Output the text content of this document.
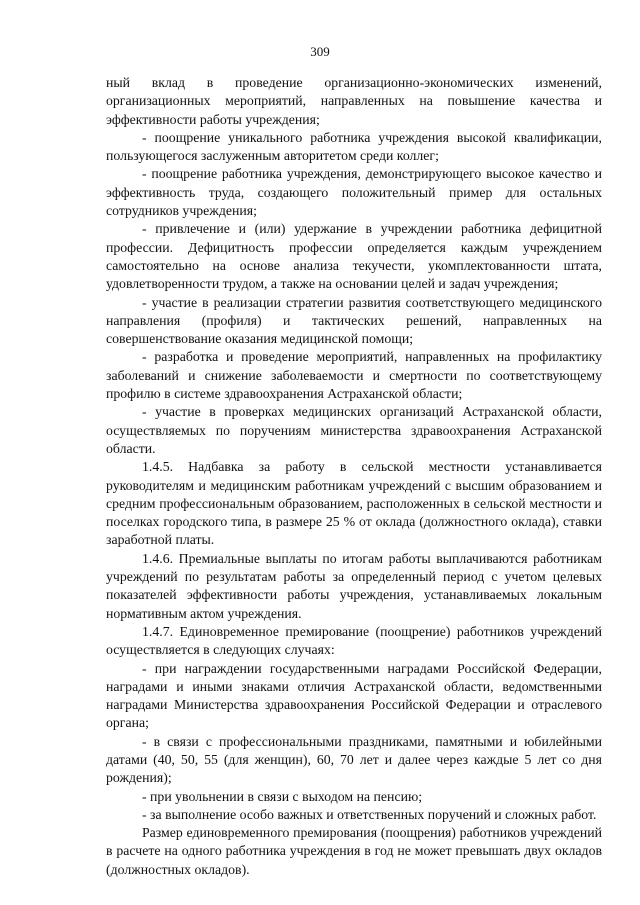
309

ный вклад в проведение организационно-экономических изменений, организационных мероприятий, направленных на повышение качества и эффективности работы учреждения;

- поощрение уникального работника учреждения высокой квалификации, пользующегося заслуженным авторитетом среди коллег;

- поощрение работника учреждения, демонстрирующего высокое качество и эффективность труда, создающего положительный пример для остальных сотрудников учреждения;

- привлечение и (или) удержание в учреждении работника дефицитной профессии. Дефицитность профессии определяется каждым учреждением самостоятельно на основе анализа текучести, укомплектованности штата, удовлетворенности трудом, а также на основании целей и задач учреждения;

- участие в реализации стратегии развития соответствующего медицинского направления (профиля) и тактических решений, направленных на совершенствование оказания медицинской помощи;

- разработка и проведение мероприятий, направленных на профилактику заболеваний и снижение заболеваемости и смертности по соответствующему профилю в системе здравоохранения Астраханской области;

- участие в проверках медицинских организаций Астраханской области, осуществляемых по поручениям министерства здравоохранения Астраханской области.

1.4.5. Надбавка за работу в сельской местности устанавливается руководителям и медицинским работникам учреждений с высшим образованием и средним профессиональным образованием, расположенных в сельской местности и поселках городского типа, в размере 25 % от оклада (должностного оклада), ставки заработной платы.

1.4.6. Премиальные выплаты по итогам работы выплачиваются работникам учреждений по результатам работы за определенный период с учетом целевых показателей эффективности работы учреждения, устанавливаемых локальным нормативным актом учреждения.

1.4.7. Единовременное премирование (поощрение) работников учреждений осуществляется в следующих случаях:

- при награждении государственными наградами Российской Федерации, наградами и иными знаками отличия Астраханской области, ведомственными наградами Министерства здравоохранения Российской Федерации и отраслевого органа;

- в связи с профессиональными праздниками, памятными и юбилейными датами (40, 50, 55 (для женщин), 60, 70 лет и далее через каждые 5 лет со дня рождения);

- при увольнении в связи с выходом на пенсию;

- за выполнение особо важных и ответственных поручений и сложных работ.

Размер единовременного премирования (поощрения) работников учреждений в расчете на одного работника учреждения в год не может превышать двух окладов (должностных окладов).
